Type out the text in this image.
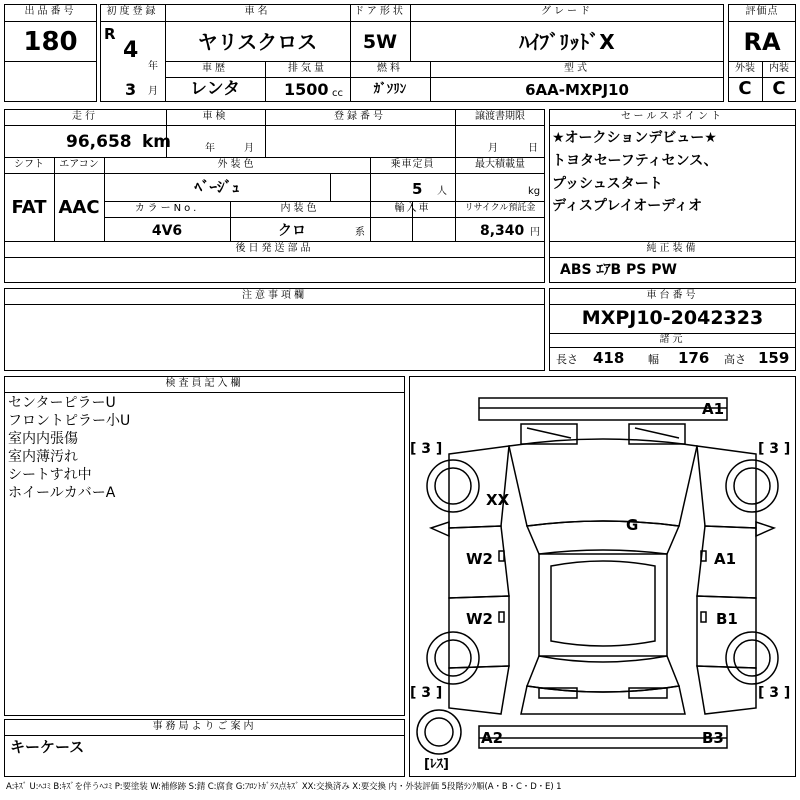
出品番号
180
初度登録
R
4
年
3 月
車名
ヤリスクロス
車歴
レンタ
排気量
1500 cc
ドア形状
5W
燃料
ｶﾞｿﾘﾝ
グレード
ﾊｲﾌﾞﾘｯﾄﾞX
型式
6AA-MXPJ10
評価点
RA
外装	内装
C	C
走行
96,658 km
車検
年	月
登録番号	譲渡書期限
月	日
シフト
FAT
エアコン
AAC
外装色
ﾍﾞｰｼﾞｭ
乗車定員
5 人
最大積載量
kg
カラーNo.
4V6
内装色
クロ	系
輸入車	リサイクル預託金
8,340 円
後日発送部品
セールスポイント
★オークションデビュー★
トヨタセーフティセンス、
プッシュスタート
ディスプレイオーディオ
純正装備
ABS ｴｱB PS PW
注意事項欄	車台番号
MXPJ10-2042323
諸元
長さ 418 幅 176 高さ 159
検査員記入欄
センターピラーU
フロントピラー小U
室内内張傷
室内薄汚れ
シートすれ中
ホイールカバーA
事務局よりご案内
キーケース
A1
XX
G
W2	A1
W2	B1
A2	B3
[ 3 ]	[ 3 ]
[ 3 ]	[ 3 ]
[ﾚｽ]
A:ｷｽﾞ U:ﾍｺﾐ B:ｷｽﾞを伴うﾍｺﾐ P:要塗装 W:補修跡 S:錆 C:腐食 G:ﾌﾛﾝﾄｶﾞﾗｽ点ｷｽﾞ XX:交換済み X:要交換 内・外装評価 5段階ﾗﾝｸ順(A・B・C・D・E) 1
